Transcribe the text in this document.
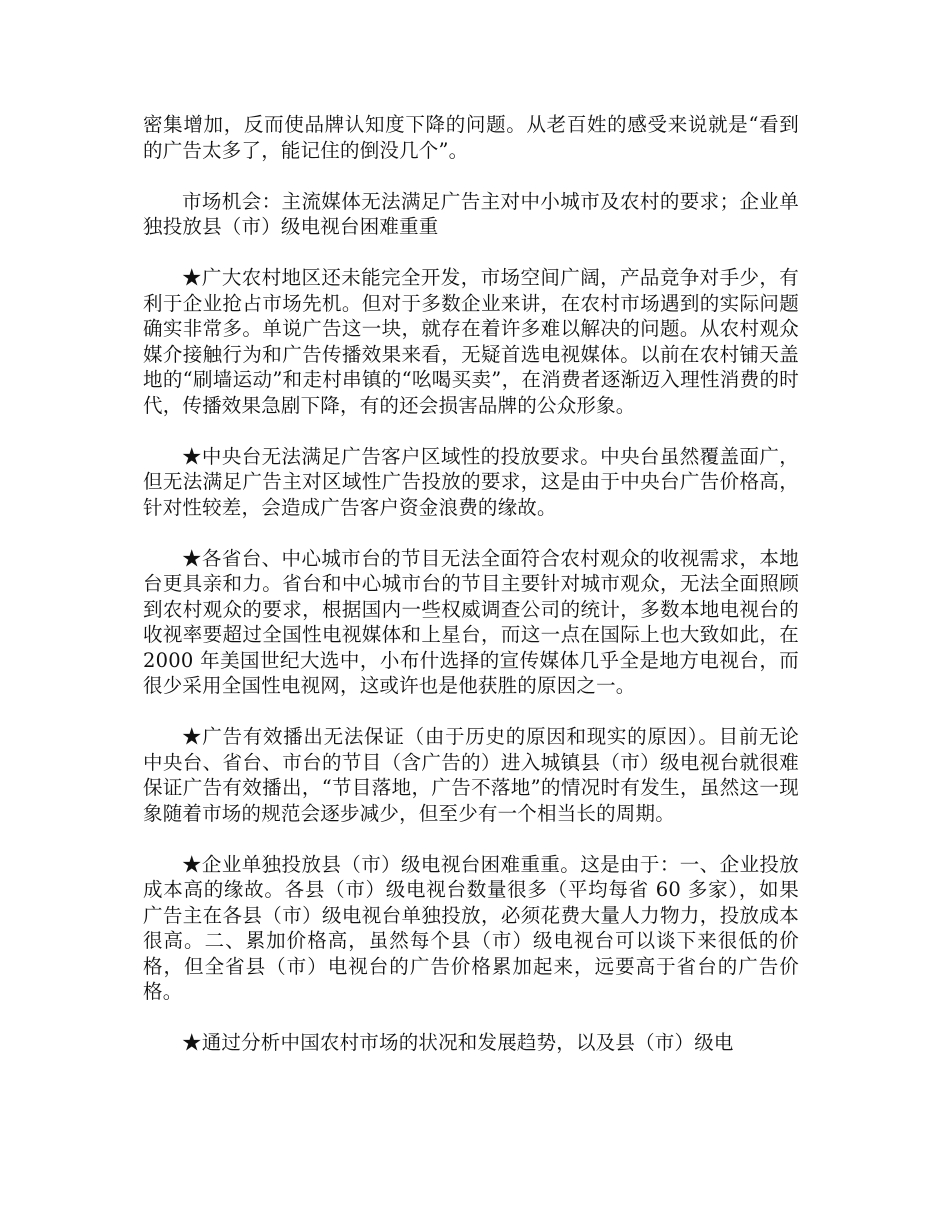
密集增加，反而使品牌认知度下降的问题。从老百姓的感受来说就是“看到的广告太多了，能记住的倒没几个”。

市场机会：主流媒体无法满足广告主对中小城市及农村的要求；企业单独投放县（市）级电视台困难重重

★广大农村地区还未能完全开发，市场空间广阔，产品竞争对手少，有利于企业抢占市场先机。但对于多数企业来讲，在农村市场遇到的实际问题确实非常多。单说广告这一块，就存在着许多难以解决的问题。从农村观众媒介接触行为和广告传播效果来看，无疑首选电视媒体。以前在农村铺天盖地的“刷墙运动”和走村串镇的“吆喝买卖”，在消费者逐渐迈入理性消费的时代，传播效果急剧下降，有的还会损害品牌的公众形象。

★中央台无法满足广告客户区域性的投放要求。中央台虽然覆盖面广，但无法满足广告主对区域性广告投放的要求，这是由于中央台广告价格高，针对性较差，会造成广告客户资金浪费的缘故。

★各省台、中心城市台的节目无法全面符合农村观众的收视需求，本地台更具亲和力。省台和中心城市台的节目主要针对城市观众，无法全面照顾到农村观众的要求，根据国内一些权威调查公司的统计，多数本地电视台的收视率要超过全国性电视媒体和上星台，而这一点在国际上也大致如此，在 2000 年美国世纪大选中，小布什选择的宣传媒体几乎全是地方电视台，而很少采用全国性电视网，这或许也是他获胜的原因之一。

★广告有效播出无法保证（由于历史的原因和现实的原因）。目前无论中央台、省台、市台的节目（含广告的）进入城镇县（市）级电视台就很难保证广告有效播出，“节目落地，广告不落地”的情况时有发生，虽然这一现象随着市场的规范会逐步减少，但至少有一个相当长的周期。

★企业单独投放县（市）级电视台困难重重。这是由于：一、企业投放成本高的缘故。各县（市）级电视台数量很多（平均每省 60 多家），如果广告主在各县（市）级电视台单独投放，必须花费大量人力物力，投放成本很高。二、累加价格高，虽然每个县（市）级电视台可以谈下来很低的价格，但全省县（市）电视台的广告价格累加起来，远要高于省台的广告价格。

★通过分析中国农村市场的状况和发展趋势，以及县（市）级电
